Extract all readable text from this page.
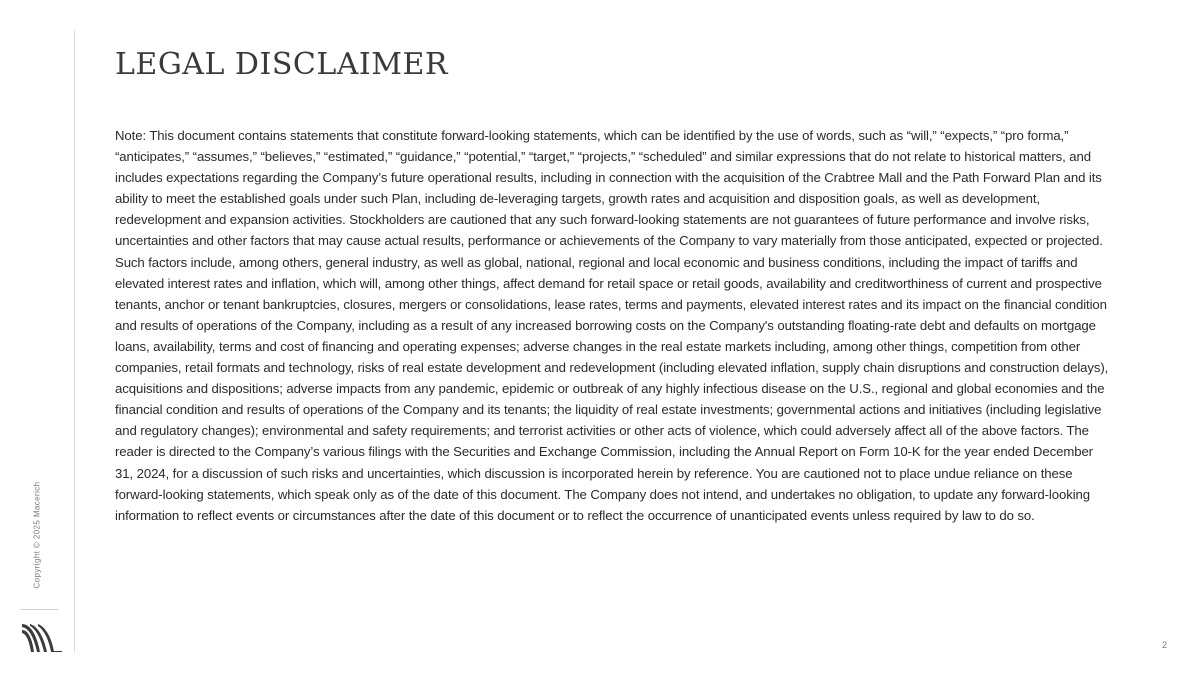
Copyright © 2025 Macerich
LEGAL DISCLAIMER

Note: This document contains statements that constitute forward-looking statements, which can be identified by the use of words, such as “will,” “expects,” “pro forma,” “anticipates,” “assumes,” “believes,” “estimated,” “guidance,” “potential,” “target,” “projects,” “scheduled” and similar expressions that do not relate to historical matters, and includes expectations regarding the Company’s future operational results, including in connection with the acquisition of the Crabtree Mall and the Path Forward Plan and its ability to meet the established goals under such Plan, including de-leveraging targets, growth rates and acquisition and disposition goals, as well as development, redevelopment and expansion activities. Stockholders are cautioned that any such forward-looking statements are not guarantees of future performance and involve risks, uncertainties and other factors that may cause actual results, performance or achievements of the Company to vary materially from those anticipated, expected or projected. Such factors include, among others, general industry, as well as global, national, regional and local economic and business conditions, including the impact of tariffs and elevated interest rates and inflation, which will, among other things, affect demand for retail space or retail goods, availability and creditworthiness of current and prospective tenants, anchor or tenant bankruptcies, closures, mergers or consolidations, lease rates, terms and payments, elevated interest rates and its impact on the financial condition and results of operations of the Company, including as a result of any increased borrowing costs on the Company's outstanding floating-rate debt and defaults on mortgage loans, availability, terms and cost of financing and operating expenses; adverse changes in the real estate markets including, among other things, competition from other companies, retail formats and technology, risks of real estate development and redevelopment (including elevated inflation, supply chain disruptions and construction delays), acquisitions and dispositions; adverse impacts from any pandemic, epidemic or outbreak of any highly infectious disease on the U.S., regional and global economies and the financial condition and results of operations of the Company and its tenants; the liquidity of real estate investments; governmental actions and initiatives (including legislative and regulatory changes); environmental and safety requirements; and terrorist activities or other acts of violence, which could adversely affect all of the above factors. The reader is directed to the Company’s various filings with the Securities and Exchange Commission, including the Annual Report on Form 10-K for the year ended December 31, 2024, for a discussion of such risks and uncertainties, which discussion is incorporated herein by reference. You are cautioned not to place undue reliance on these forward-looking statements, which speak only as of the date of this document. The Company does not intend, and undertakes no obligation, to update any forward-looking information to reflect events or circumstances after the date of this document or to reflect the occurrence of unanticipated events unless required by law to do so.

2
